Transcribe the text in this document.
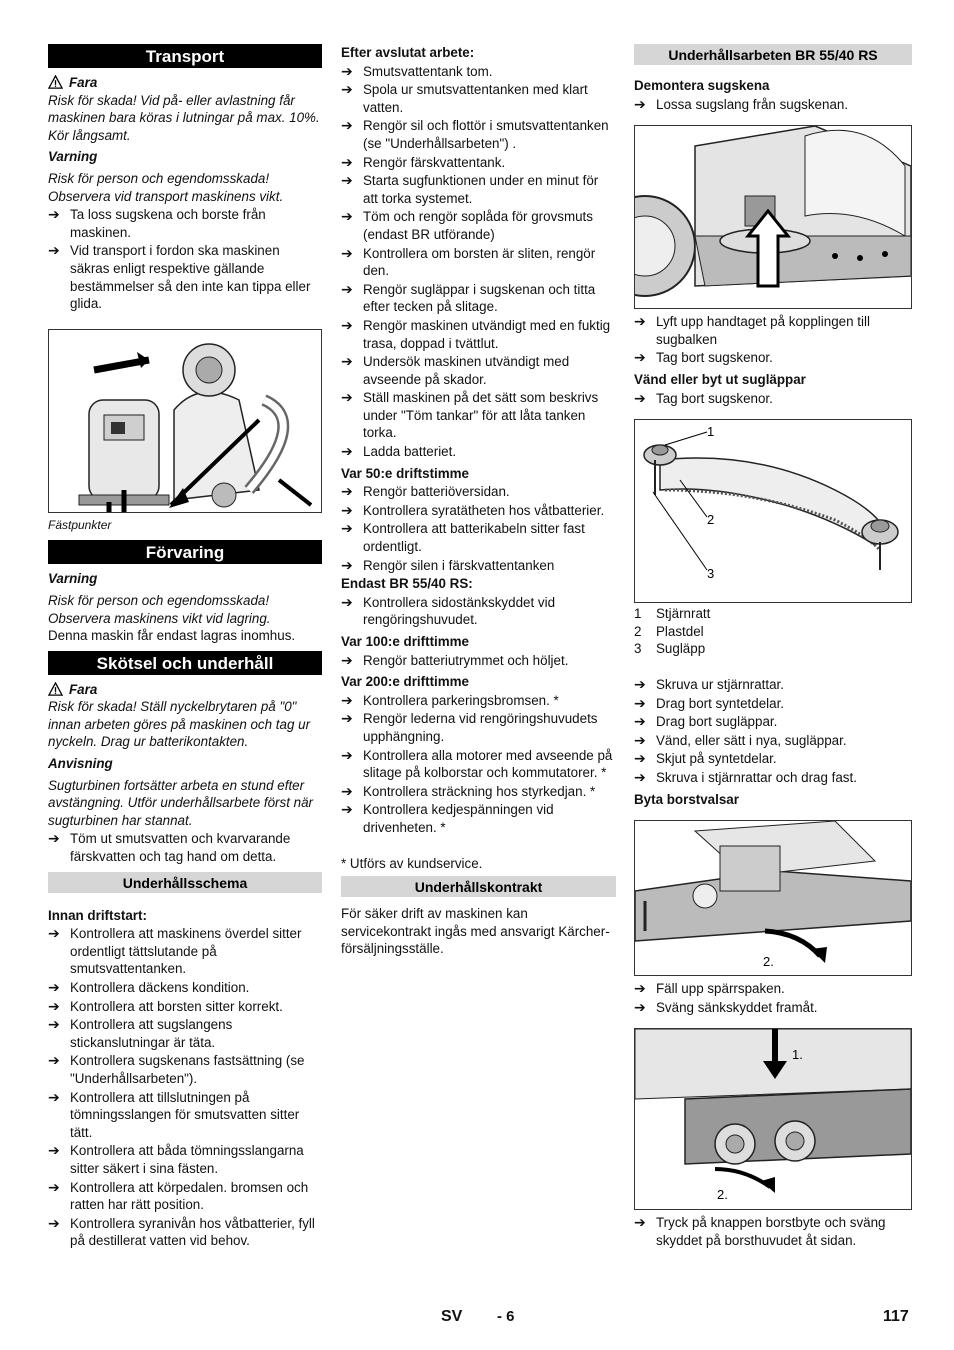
Transport
Fara

Risk för skada! Vid på- eller avlastning får maskinen bara köras i lutningar på max. 10%. Kör långsamt.

Varning

Risk för person och egendomsskada! Observera vid transport maskinens vikt.

➔ Ta loss sugskena och borste från maskinen.
➔ Vid transport i fordon ska maskinen säkras enligt respektive gällande bestämmelser så den inte kan tippa eller glida.

Fästpunkter

Förvaring

Varning

Risk för person och egendomsskada! Observera maskinens vikt vid lagring.

Denna maskin får endast lagras inomhus.

Skötsel och underhåll
Fara

Risk för skada! Ställ nyckelbrytaren på "0" innan arbeten göres på maskinen och tag ur nyckeln. Drag ur batterikontakten.

Anvisning

Sugturbinen fortsätter arbeta en stund efter avstängning. Utför underhållsarbete först när sugturbinen har stannat.

➔ Töm ut smutsvatten och kvarvarande färskvatten och tag hand om detta.
Underhållsschema

Innan driftstart:

➔ Kontrollera att maskinens överdel sitter ordentligt tättslutande på smutsvattentanken.
➔ Kontrollera däckens kondition.
➔ Kontrollera att borsten sitter korrekt.
➔ Kontrollera att sugslangens stickanslutningar är täta.
➔ Kontrollera sugskenans fastsättning (se "Underhållsarbeten").
➔ Kontrollera att tillslutningen på tömningsslangen för smutsvatten sitter tätt.
➔ Kontrollera att båda tömningsslangarna sitter säkert i sina fästen.
➔ Kontrollera att körpedalen. bromsen och ratten har rätt position.
➔ Kontrollera syranivån hos våtbatterier, fyll på destillerat vatten vid behov.

Efter avslutat arbete:

➔ Smutsvattentank tom.
➔ Spola ur smutsvattentanken med klart vatten.
➔ Rengör sil och flottör i smutsvattentanken (se "Underhållsarbeten") .
➔ Rengör färskvattentank.
➔ Starta sugfunktionen under en minut för att torka systemet.
➔ Töm och rengör soplåda för grovsmuts (endast BR utförande)
➔ Kontrollera om borsten är sliten, rengör den.
➔ Rengör sugläppar i sugskenan och titta efter tecken på slitage.
➔ Rengör maskinen utvändigt med en fuktig trasa, doppad i tvättlut.
➔ Undersök maskinen utvändigt med avseende på skador.
➔ Ställ maskinen på det sätt som beskrivs under "Töm tankar" för att låta tanken torka.
➔ Ladda batteriet.

Var 50:e driftstimme

➔ Rengör batteriöversidan.
➔ Kontrollera syratätheten hos våtbatterier.
➔ Kontrollera att batterikabeln sitter fast ordentligt.
➔ Rengör silen i färskvattentanken

Endast BR 55/40 RS:

➔ Kontrollera sidostänkskyddet vid rengöringshuvudet.

Var 100:e drifttimme

➔ Rengör batteriutrymmet och höljet.

Var 200:e drifttimme

➔ Kontrollera parkeringsbromsen. *
➔ Rengör lederna vid rengöringshuvudets upphängning.
➔ Kontrollera alla motorer med avseende på slitage på kolborstar och kommutatorer. *
➔ Kontrollera sträckning hos styrkedjan. *
➔ Kontrollera kedjespänningen vid drivenheten. *

* Utförs av kundservice.

Underhållskontrakt

För säker drift av maskinen kan servicekontrakt ingås med ansvarigt Kärcher-försäljningsställe.

Underhållsarbeten BR 55/40 RS

Demontera sugskena

➔ Lossa sugslang från sugskenan.
➔ Lyft upp handtaget på kopplingen till sugbalken
➔ Tag bort sugskenor.

Vänd eller byt ut sugläppar

➔ Tag bort sugskenor.
1
2
3
1	Stjärnratt
2	Plastdel
3	Sugläpp
➔ Skruva ur stjärnrattar.
➔ Drag bort syntetdelar.
➔ Drag bort sugläppar.
➔ Vänd, eller sätt i nya, sugläppar.
➔ Skjut på syntetdelar.
➔ Skruva i stjärnrattar och drag fast.

Byta borstvalsar

2.
➔ Fäll upp spärrspaken.
➔ Sväng sänkskyddet framåt.
1.
2.
➔ Tryck på knappen borstbyte och sväng skyddet på borsthuvudet åt sidan.
SV - 6	117
